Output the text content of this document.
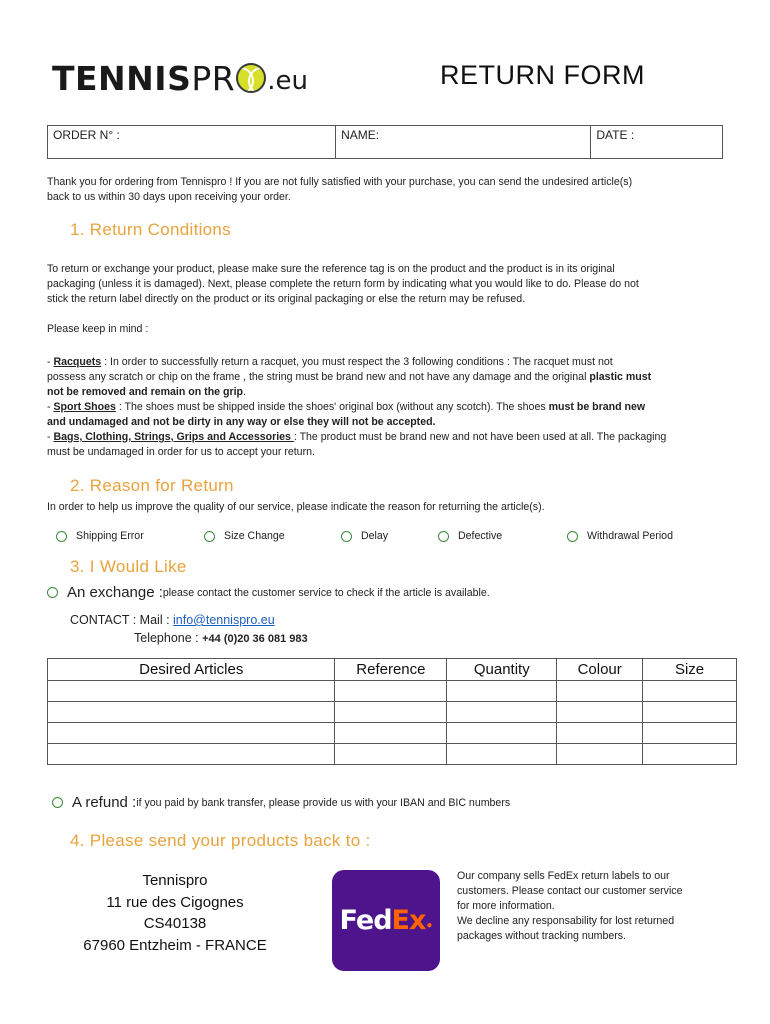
TENNIS PR .eu	RETURN FORM
ORDER N° :	NAME:	DATE :
Thank you for ordering from Tennispro ! If you are not fully satisfied with your purchase, you can send the undesired article(s)
back to us within 30 days upon receiving your order.
1. Return Conditions
To return or exchange your product, please make sure the reference tag is on the product and the product is in its original
packaging (unless it is damaged). Next, please complete the return form by indicating what you would like to do. Please do not
stick the return label directly on the product or its original packaging or else the return may be refused.
Please keep in mind :
- Racquets : In order to successfully return a racquet, you must respect the 3 following conditions : The racquet must not
possess any scratch or chip on the frame , the string must be brand new and not have any damage and the original plastic must
not be removed and remain on the grip.
- Sport Shoes : The shoes must be shipped inside the shoes' original box (without any scotch). The shoes must be brand new
and undamaged and not be dirty in any way or else they will not be accepted.
- Bags, Clothing, Strings, Grips and Accessories : The product must be brand new and not have been used at all. The packaging
must be undamaged in order for us to accept your return.
2. Reason for Return
In order to help us improve the quality of our service, please indicate the reason for returning the article(s).
Shipping Error	Size Change	Delay	Defective	Withdrawal Period
3. I Would Like
An exchange : please contact the customer service to check if the article is available.
CONTACT : Mail : info@tennispro.eu
Telephone : +44 (0)20 36 081 983
Desired Articles	Reference	Quantity	Colour	Size

A refund : if you paid by bank transfer, please provide us with your IBAN and BIC numbers
4. Please send your products back to :
Tennispro
11 rue des Cigognes
CS40138
67960 Entzheim - FRANCE
Fed Ex ●
Our company sells FedEx return labels to our
customers. Please contact our customer service
for more information.
We decline any responsability for lost returned
packages without tracking numbers.
